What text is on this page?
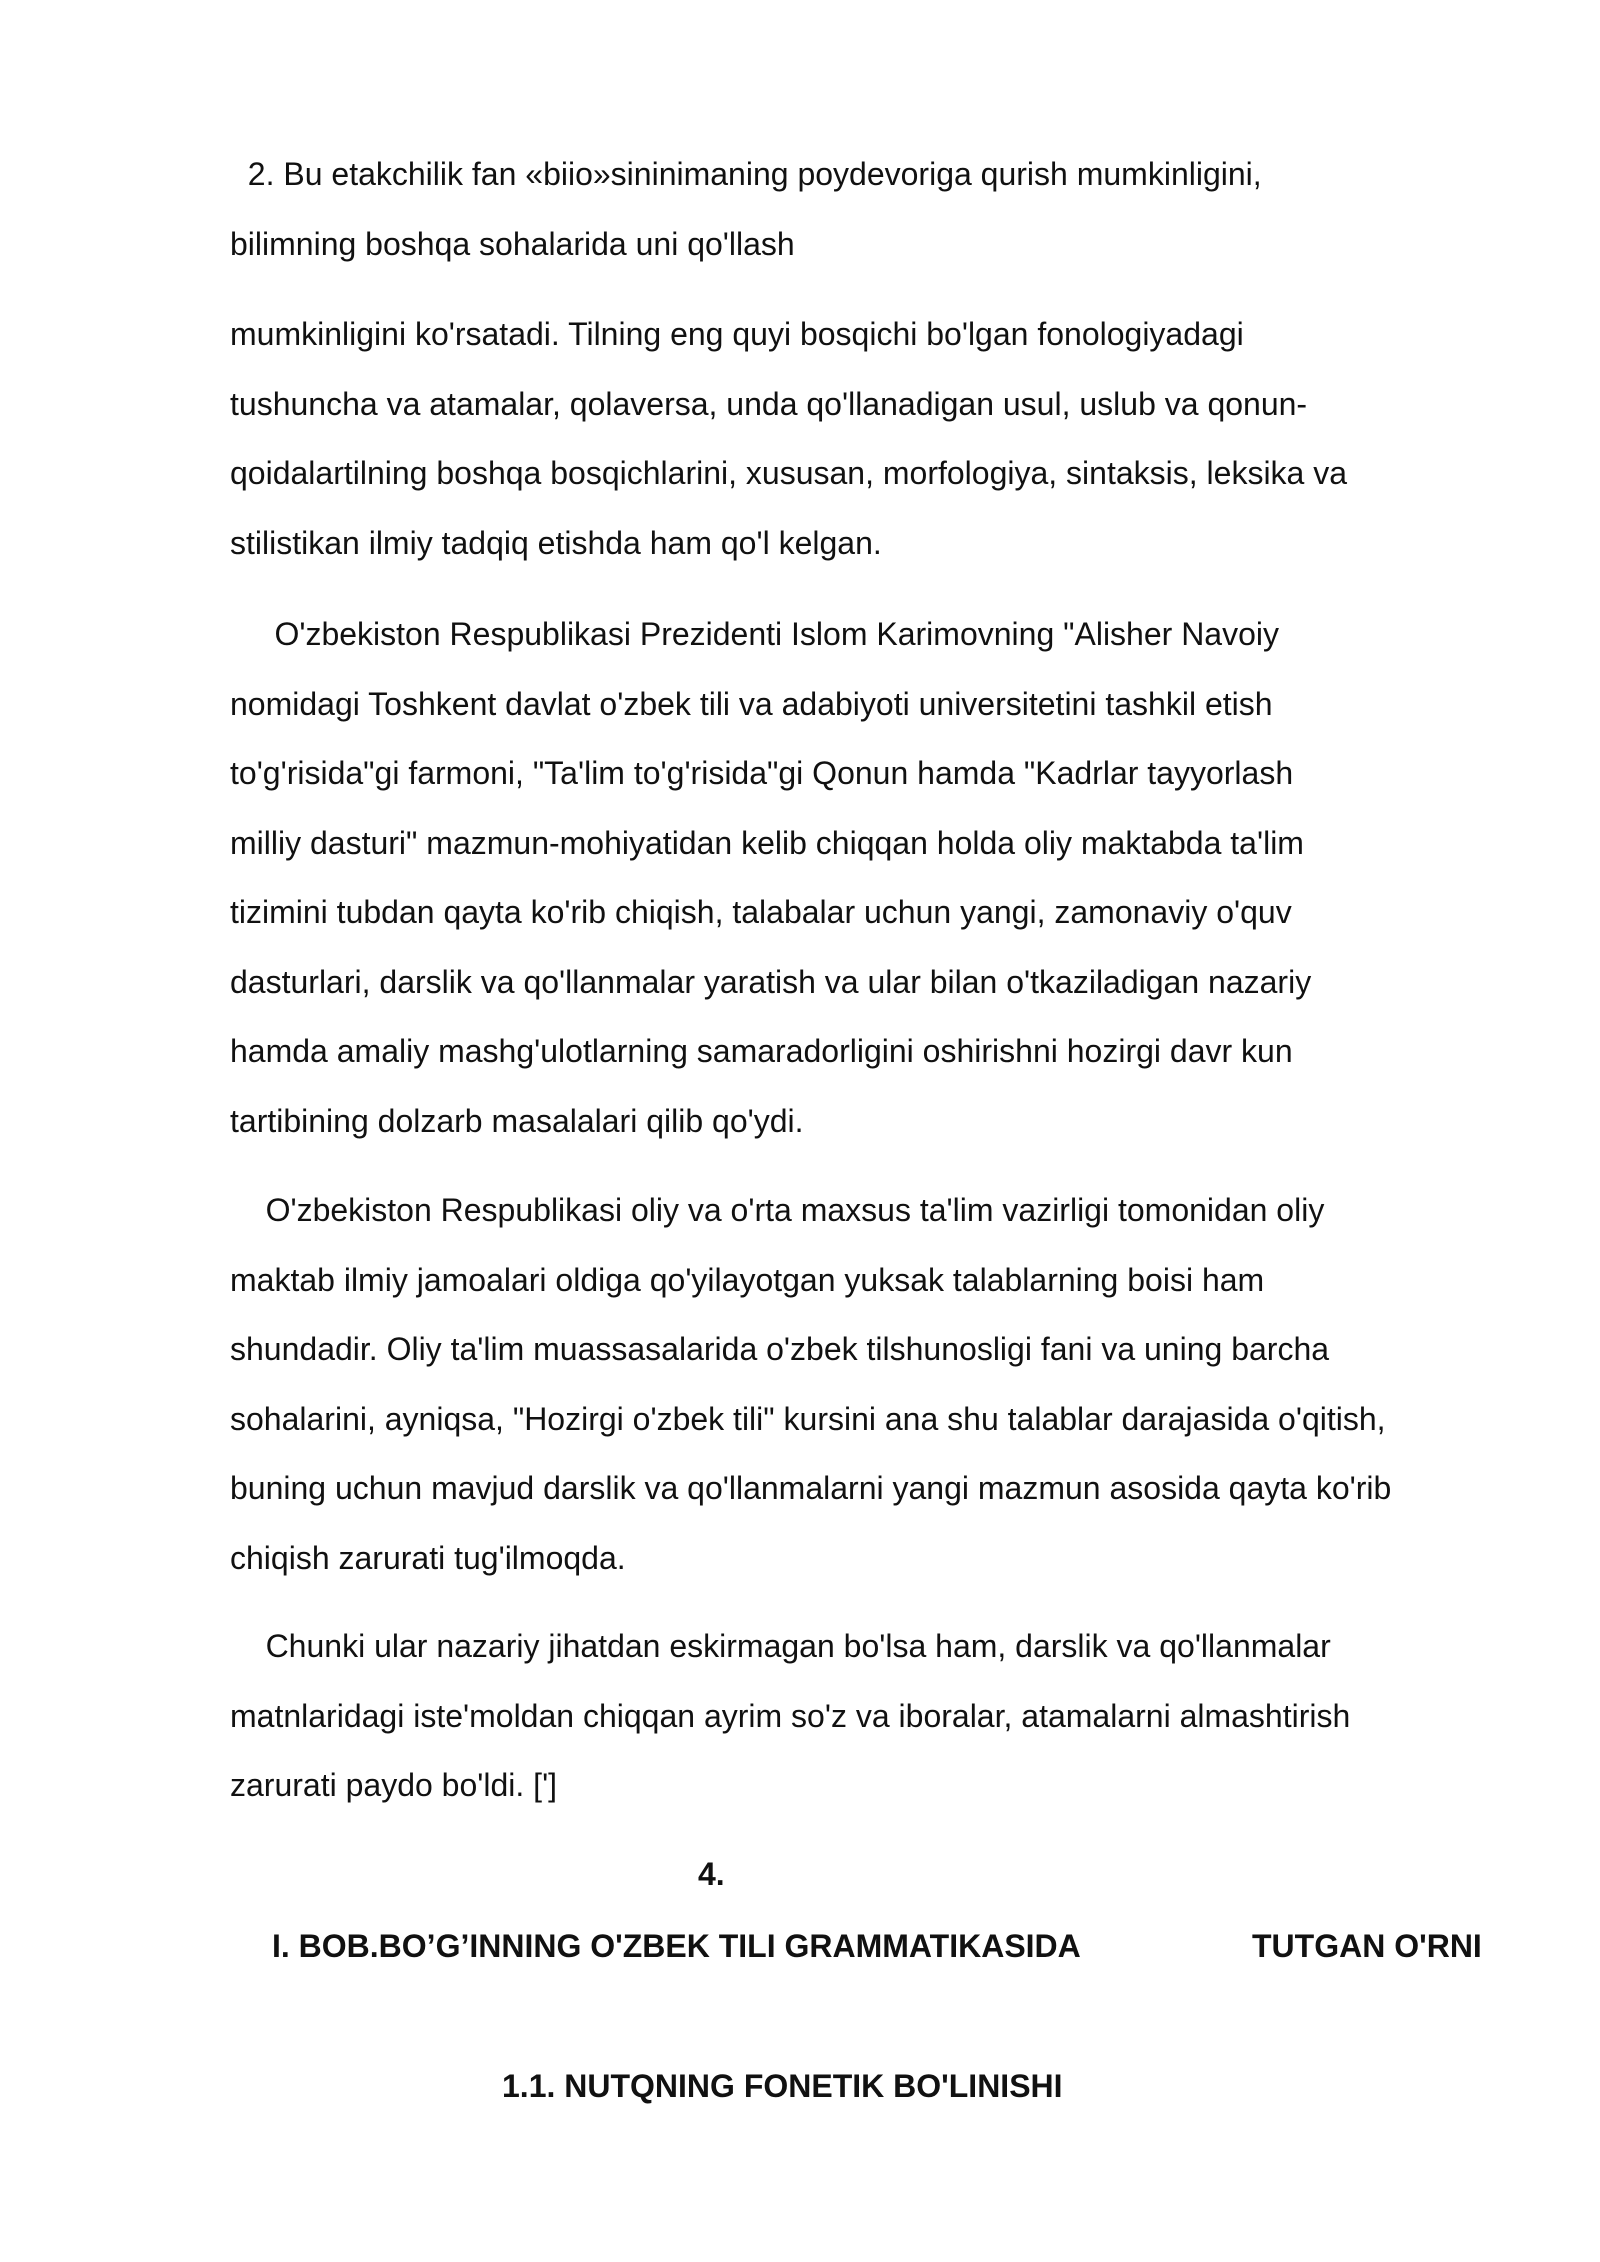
2. Bu etakchilik fan «biio»sininimaning poydevoriga qurish mumkinligini,
bilimning boshqa sohalarida uni qo'llash
mumkinligini ko'rsatadi. Tilning eng quyi bosqichi bo'lgan fonologiyadagi
tushuncha va atamalar, qolaversa, unda qo'llanadigan usul, uslub va qonun-
qoidalartilning boshqa bosqichlarini, xususan, morfologiya, sintaksis, leksika va
stilistikan ilmiy tadqiq etishda ham qo'l kelgan.
O'zbekiston Respublikasi Prezidenti Islom Karimovning "Alisher Navoiy
nomidagi Toshkent davlat o'zbek tili va adabiyoti universitetini tashkil etish
to'g'risida"gi farmoni, "Ta'lim to'g'risida"gi Qonun hamda "Kadrlar tayyorlash
milliy dasturi" mazmun-mohiyatidan kelib chiqqan holda oliy maktabda ta'lim
tizimini tubdan qayta ko'rib chiqish, talabalar uchun yangi, zamonaviy o'quv
dasturlari, darslik va qo'llanmalar yaratish va ular bilan o'tkaziladigan nazariy
hamda amaliy mashg'ulotlarning samaradorligini oshirishni hozirgi davr kun
tartibining dolzarb masalalari qilib qo'ydi.
O'zbekiston Respublikasi oliy va o'rta maxsus ta'lim vazirligi tomonidan oliy
maktab ilmiy jamoalari oldiga qo'yilayotgan yuksak talablarning boisi ham
shundadir. Oliy ta'lim muassasalarida o'zbek tilshunosligi fani va uning barcha
sohalarini, ayniqsa, "Hozirgi o'zbek tili" kursini ana shu talablar darajasida o'qitish,
buning uchun mavjud darslik va qo'llanmalarni yangi mazmun asosida qayta ko'rib
chiqish zarurati tug'ilmoqda.
Chunki ular nazariy jihatdan eskirmagan bo'lsa ham, darslik va qo'llanmalar
matnlaridagi iste'moldan chiqqan ayrim so'z va iboralar, atamalarni almashtirish
zarurati paydo bo'ldi. [']
4.
I. BOB.BO’G’INNING O'ZBEK TILI GRAMMATIKASIDA	TUTGAN O'RNI
1.1. NUTQNING FONETIK BO'LINISHI
